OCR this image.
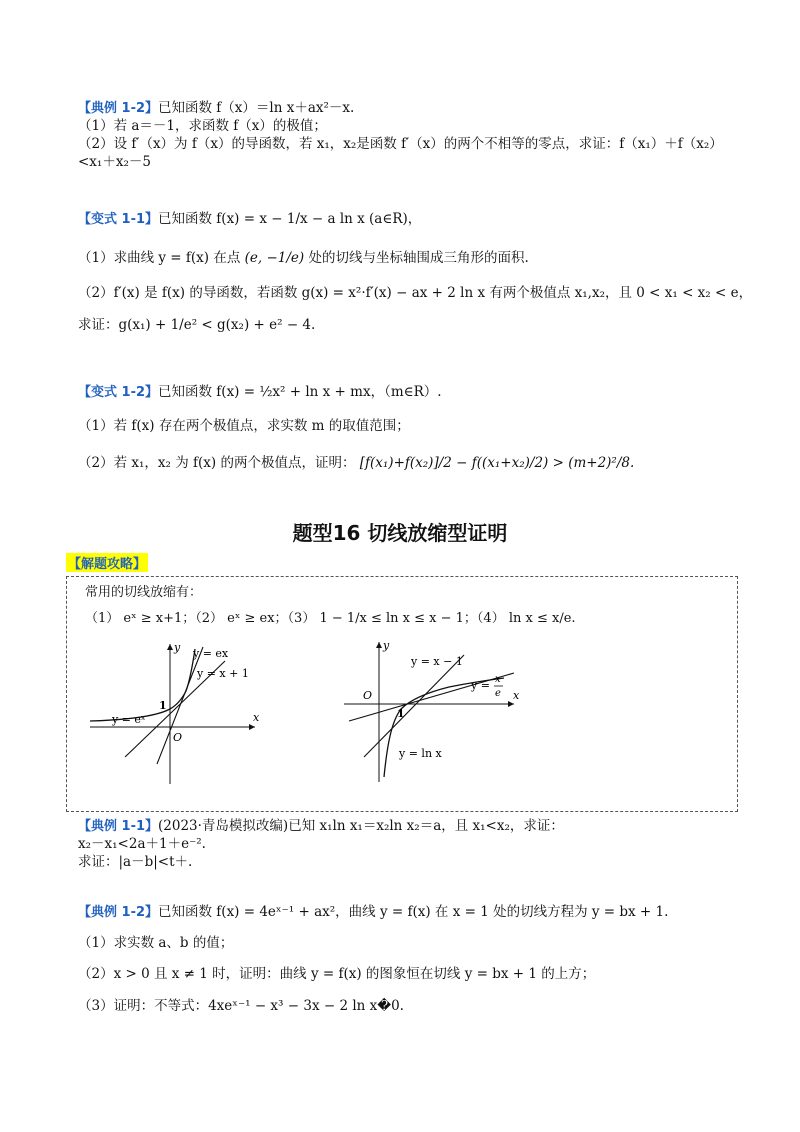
【典例 1-2】已知函数 f（x）＝ln x＋ax²－x.
（1）若 a＝－1，求函数 f（x）的极值；
（2）设 f′（x）为 f（x）的导函数，若 x₁，x₂是函数 f′（x）的两个不相等的零点，求证：f（x₁）＋f（x₂）
<x₁＋x₂－5
【变式 1-1】已知函数 f(x) = x − 1/x − a ln x (a∈R)，
（1）求曲线 y = f(x) 在点 (e, −1/e) 处的切线与坐标轴围成三角形的面积.
（2）f′(x) 是 f(x) 的导函数，若函数 g(x) = x²·f′(x) − ax + 2 ln x 有两个极值点 x₁,x₂，且 0 < x₁ < x₂ < e，
求证：g(x₁) + 1/e² < g(x₂) + e² − 4.
【变式 1-2】已知函数 f(x) = ½x² + ln x + mx，（m∈R）.
（1）若 f(x) 存在两个极值点，求实数 m 的取值范围；
（2）若 x₁，x₂ 为 f(x) 的两个极值点，证明： [f(x₁)+f(x₂)]/2 − f((x₁+x₂)/2) > (m+2)²/8.
题型16 切线放缩型证明
【解题攻略】
常用的切线放缩有：
（1） eˣ ≥ x+1；（2） eˣ ≥ ex；（3） 1 − 1/x ≤ ln x ≤ x − 1；（4） ln x ≤ x/e.
y = ex
y = x + 1
y = eˣ
1
O
x
y
y = x − 1
y = x
e
y = ln x
1
O	x
y
【典例 1-1】(2023·青岛模拟改编)已知 x₁ln x₁＝x₂ln x₂＝a，且 x₁<x₂，求证：
x₂－x₁<2a＋1＋e⁻².
求证：|a－b|<t＋.
【典例 1-2】已知函数 f(x) = 4eˣ⁻¹ + ax²，曲线 y = f(x) 在 x = 1 处的切线方程为 y = bx + 1.
（1）求实数 a、b 的值；
（2）x > 0 且 x ≠ 1 时，证明：曲线 y = f(x) 的图象恒在切线 y = bx + 1 的上方；
（3）证明：不等式：4xeˣ⁻¹ − x³ − 3x − 2 ln x�0.
